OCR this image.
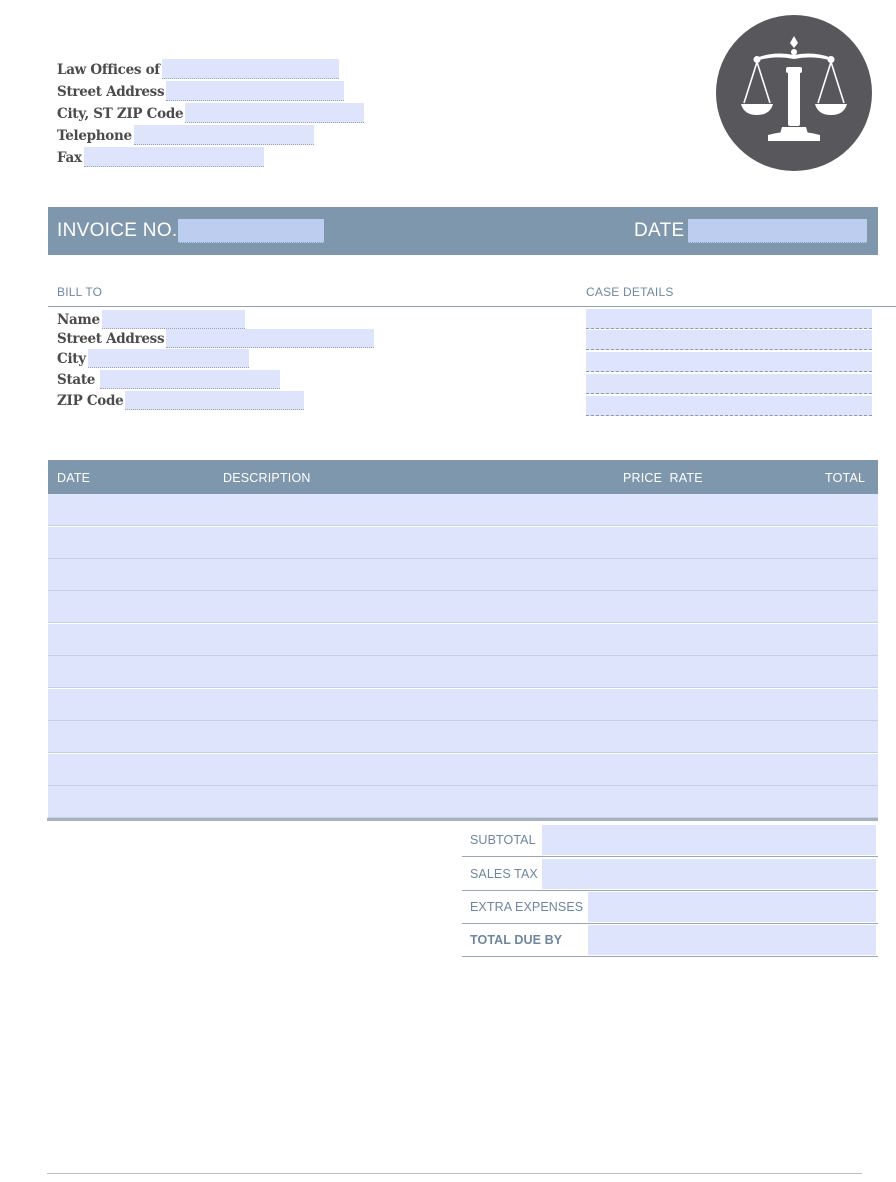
Law Offices of
Street Address
City, ST ZIP Code
Telephone
Fax
INVOICE NO.	DATE
BILL TO	CASE DETAILS
Name
Street Address
City
State
ZIP Code
DATE	DESCRIPTION	PRICE  RATE	TOTAL
SUBTOTAL
SALES TAX
EXTRA EXPENSES
TOTAL DUE BY
